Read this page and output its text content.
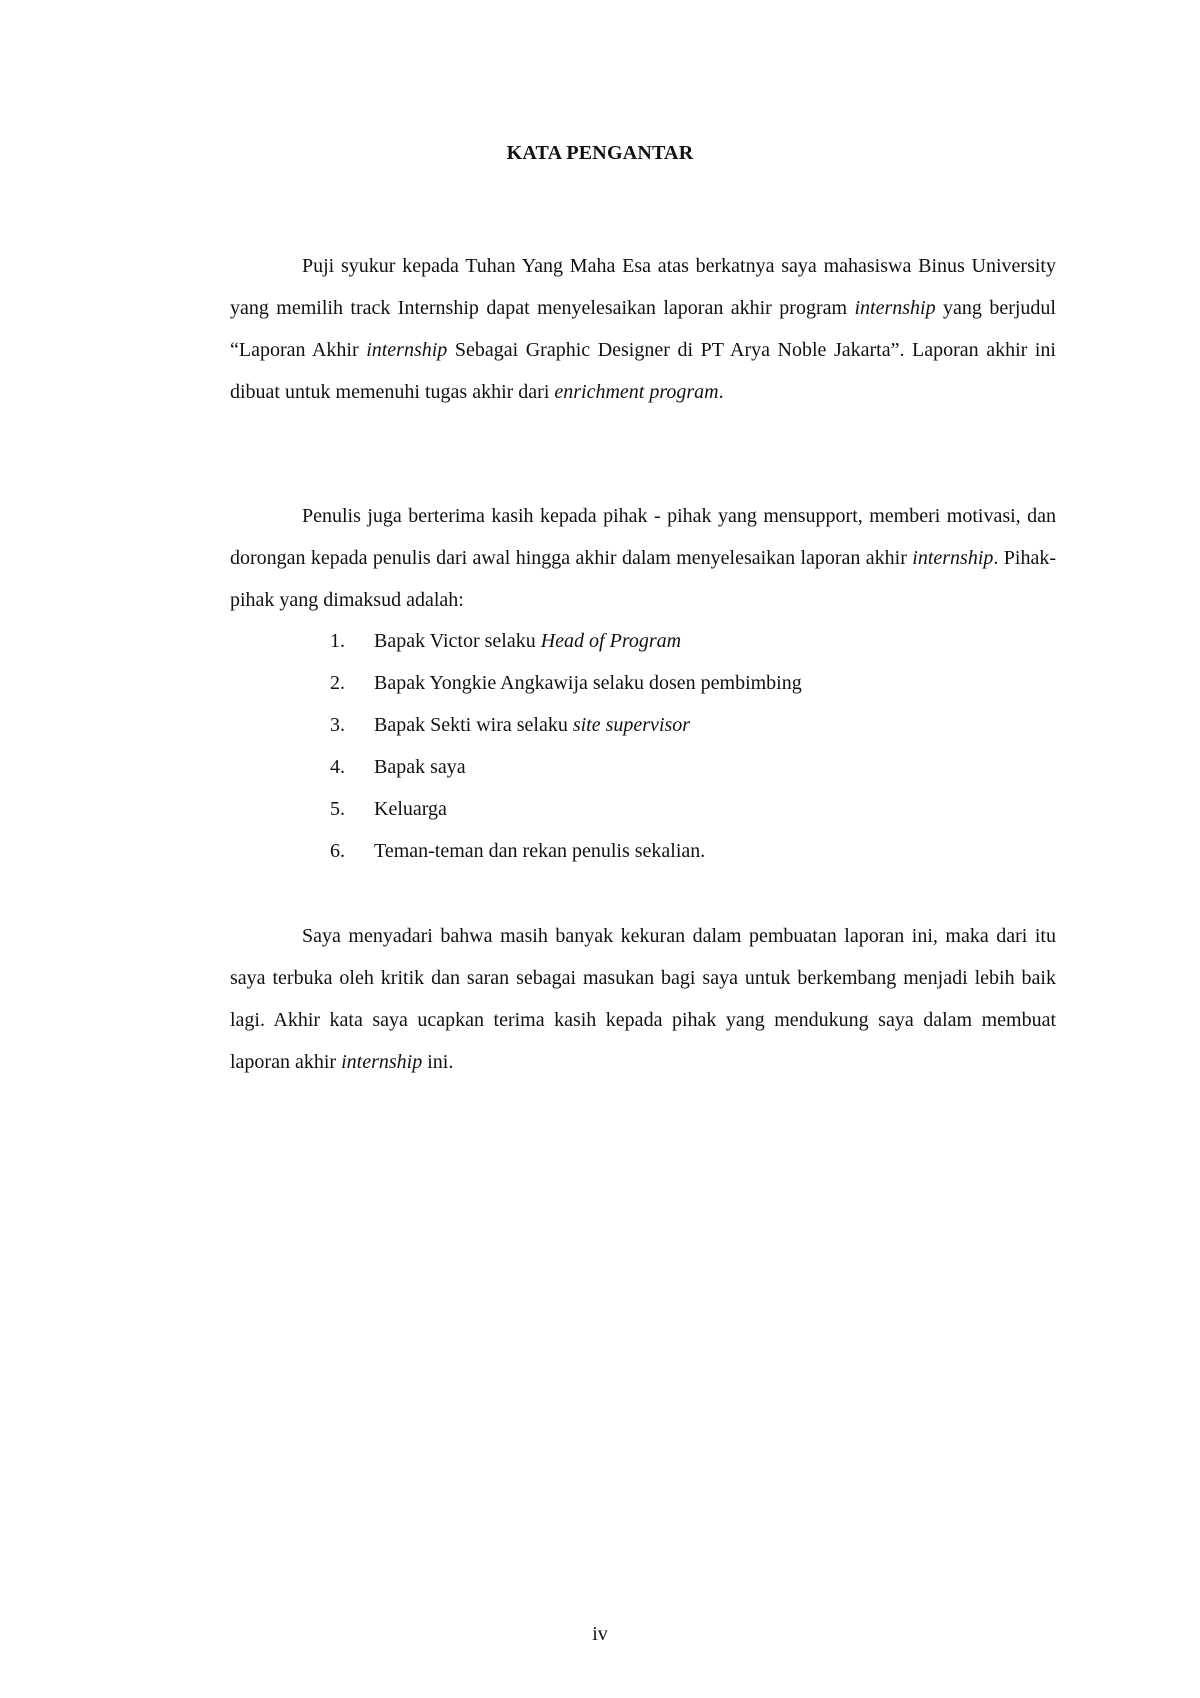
KATA PENGANTAR

Puji syukur kepada Tuhan Yang Maha Esa atas berkatnya saya mahasiswa Binus University yang memilih track Internship dapat menyelesaikan laporan akhir program internship yang berjudul “Laporan Akhir internship Sebagai Graphic Designer di PT Arya Noble Jakarta”. Laporan akhir ini dibuat untuk memenuhi tugas akhir dari enrichment program.

Penulis juga berterima kasih kepada pihak - pihak yang mensupport, memberi motivasi, dan dorongan kepada penulis dari awal hingga akhir dalam menyelesaikan laporan akhir internship. Pihak-pihak yang dimaksud adalah:

1.	Bapak Victor selaku Head of Program
2.	Bapak Yongkie Angkawija selaku dosen pembimbing
3.	Bapak Sekti wira selaku site supervisor
4.	Bapak saya
5.	Keluarga
6.	Teman-teman dan rekan penulis sekalian.

Saya menyadari bahwa masih banyak kekuran dalam pembuatan laporan ini, maka dari itu saya terbuka oleh kritik dan saran sebagai masukan bagi saya untuk berkembang menjadi lebih baik lagi. Akhir kata saya ucapkan terima kasih kepada pihak yang mendukung saya dalam membuat laporan akhir internship ini.

iv
